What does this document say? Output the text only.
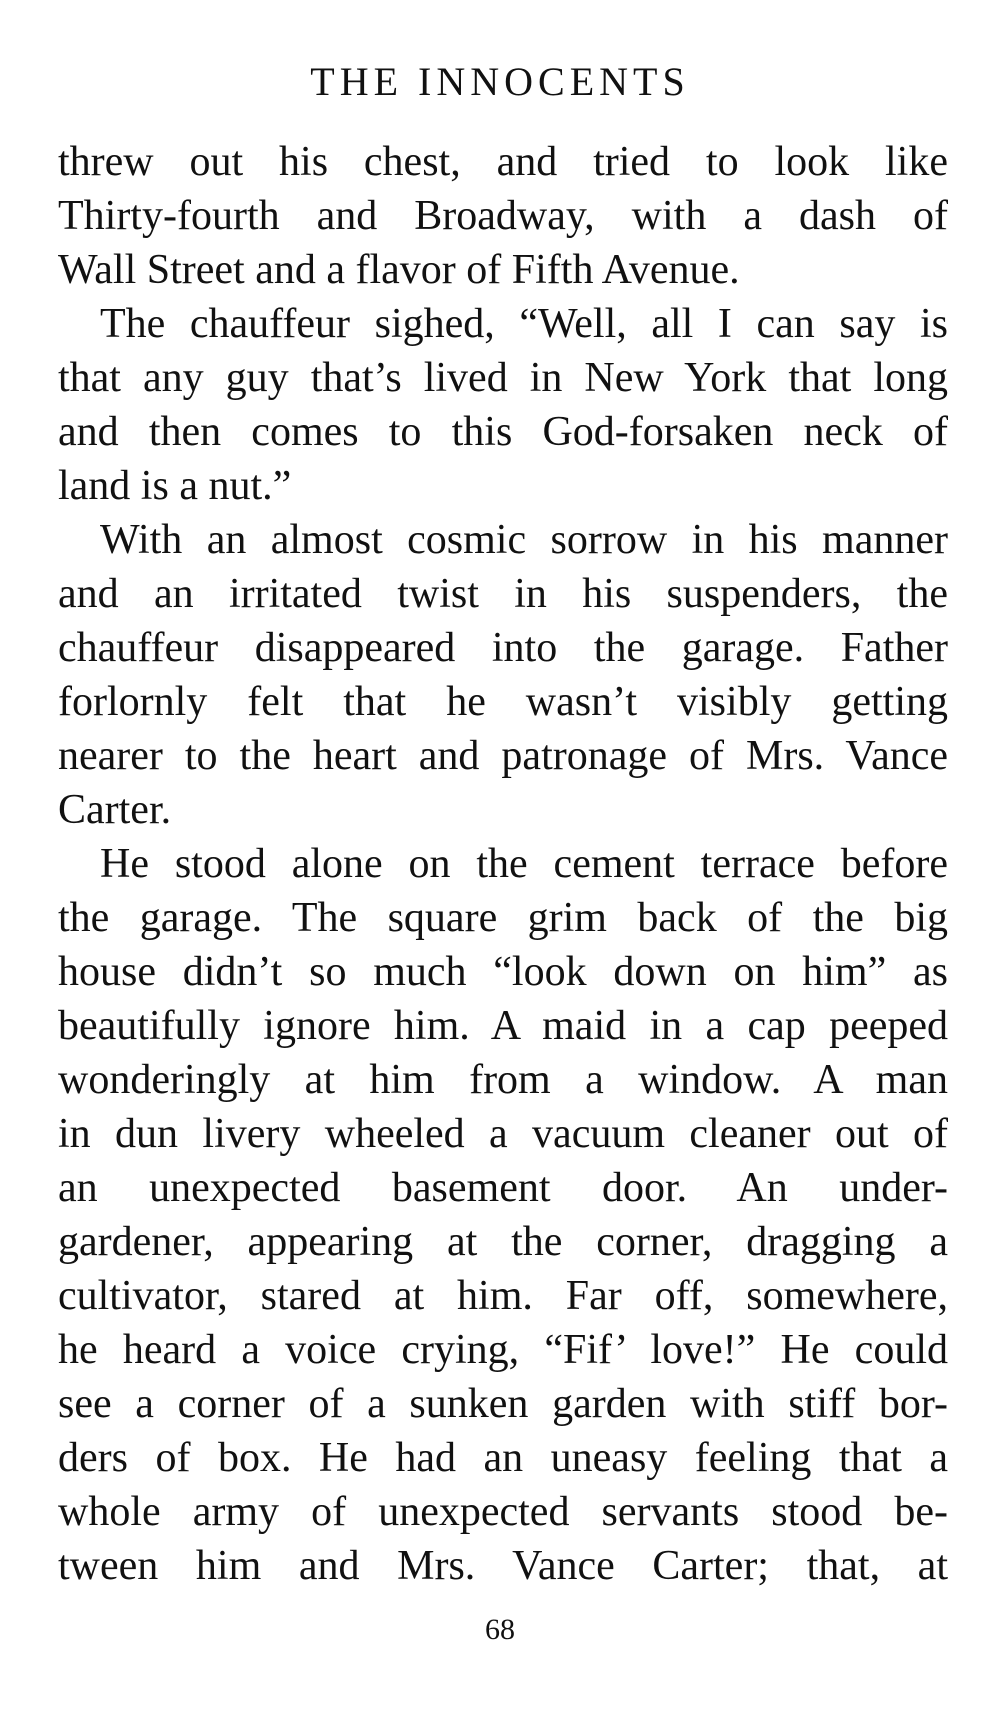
THE INNOCENTS
threw out his chest, and tried to look like
Thirty-fourth and Broadway, with a dash of
Wall Street and a flavor of Fifth Avenue.
The chauffeur sighed, “Well, all I can say is
that any guy that’s lived in New York that long
and then comes to this God-forsaken neck of
land is a nut.”
With an almost cosmic sorrow in his manner
and an irritated twist in his suspenders, the
chauffeur disappeared into the garage. Father
forlornly felt that he wasn’t visibly getting
nearer to the heart and patronage of Mrs. Vance
Carter.
He stood alone on the cement terrace before
the garage. The square grim back of the big
house didn’t so much “look down on him” as
beautifully ignore him. A maid in a cap peeped
wonderingly at him from a window. A man
in dun livery wheeled a vacuum cleaner out of
an unexpected basement door. An under-
gardener, appearing at the corner, dragging a
cultivator, stared at him. Far off, somewhere,
he heard a voice crying, “Fif’ love!” He could
see a corner of a sunken garden with stiff bor-
ders of box. He had an uneasy feeling that a
whole army of unexpected servants stood be-
tween him and Mrs. Vance Carter; that, at
68
